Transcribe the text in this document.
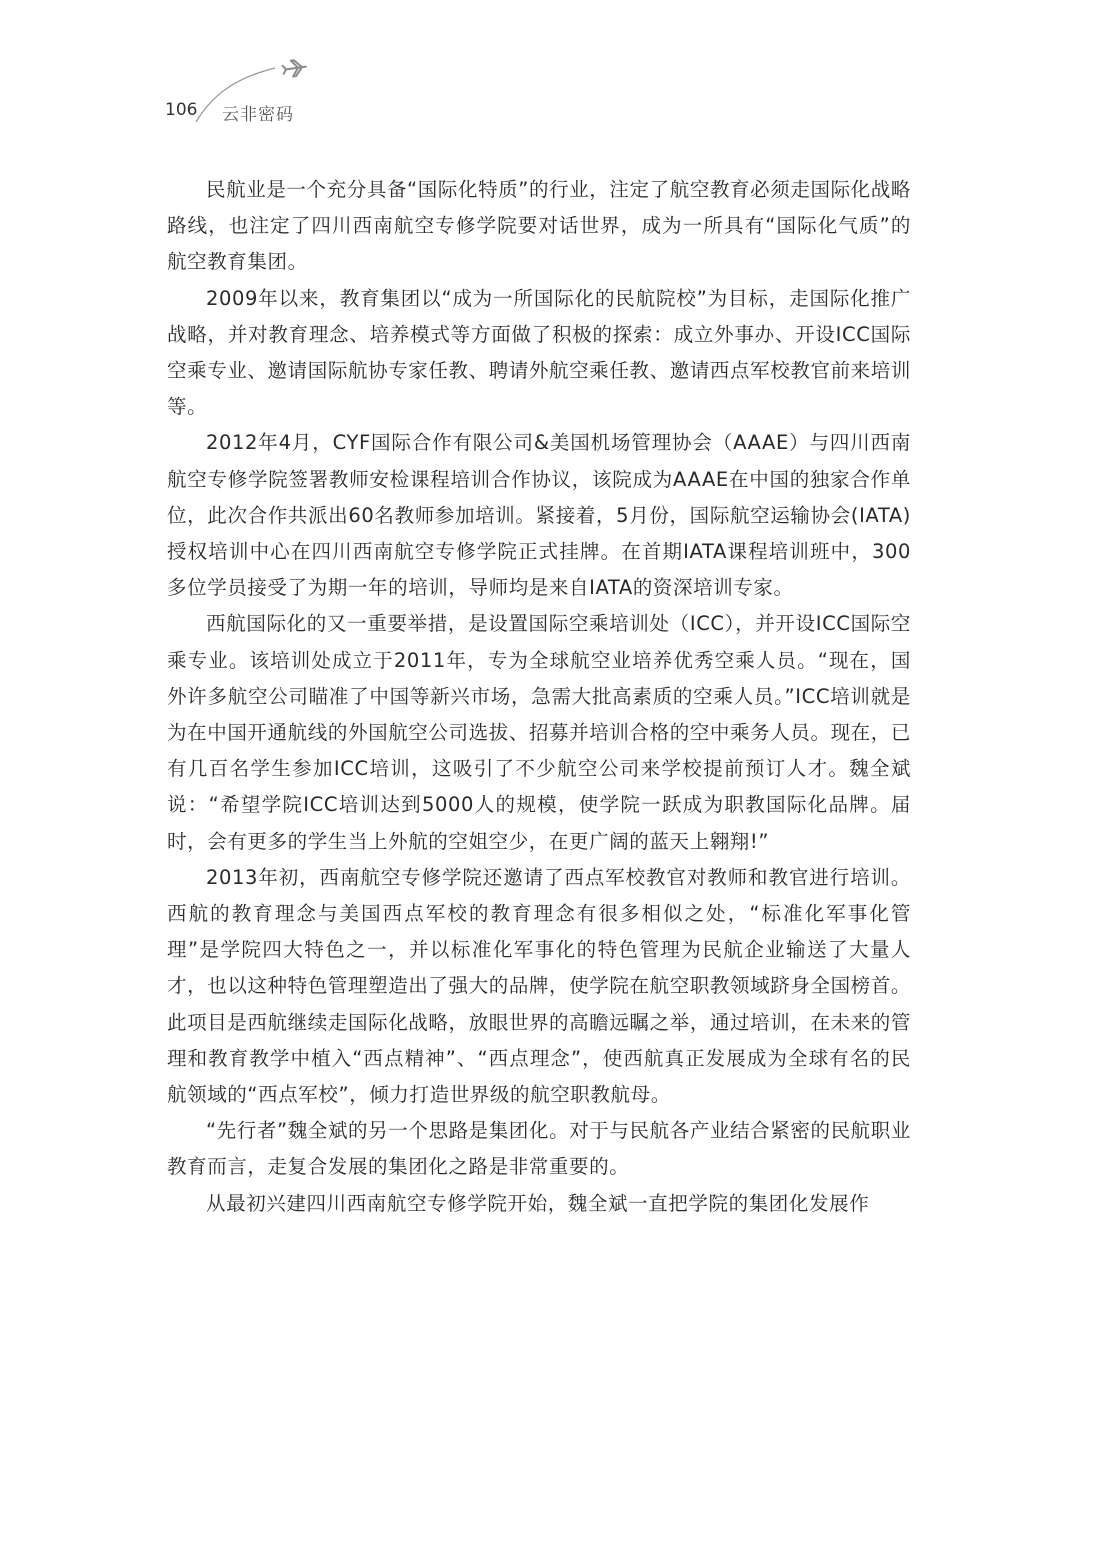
106 云非密码

民航业是一个充分具备“国际化特质”的行业，注定了航空教育必须走国际化战略路线，也注定了四川西南航空专修学院要对话世界，成为一所具有“国际化气质”的航空教育集团。

2009年以来，教育集团以“成为一所国际化的民航院校”为目标，走国际化推广战略，并对教育理念、培养模式等方面做了积极的探索：成立外事办、开设ICC国际空乘专业、邀请国际航协专家任教、聘请外航空乘任教、邀请西点军校教官前来培训等。

2012年4月，CYF国际合作有限公司&美国机场管理协会（AAAE）与四川西南航空专修学院签署教师安检课程培训合作协议，该院成为AAAE在中国的独家合作单位，此次合作共派出60名教师参加培训。紧接着，5月份，国际航空运输协会(IATA)授权培训中心在四川西南航空专修学院正式挂牌。在首期IATA课程培训班中，300多位学员接受了为期一年的培训，导师均是来自IATA的资深培训专家。

西航国际化的又一重要举措，是设置国际空乘培训处（ICC），并开设ICC国际空乘专业。该培训处成立于2011年，专为全球航空业培养优秀空乘人员。“现在，国外许多航空公司瞄准了中国等新兴市场，急需大批高素质的空乘人员。”ICC培训就是为在中国开通航线的外国航空公司选拔、招募并培训合格的空中乘务人员。现在，已有几百名学生参加ICC培训，这吸引了不少航空公司来学校提前预订人才。魏全斌说：“希望学院ICC培训达到5000人的规模，使学院一跃成为职教国际化品牌。届时，会有更多的学生当上外航的空姐空少，在更广阔的蓝天上翱翔!”

2013年初，西南航空专修学院还邀请了西点军校教官对教师和教官进行培训。西航的教育理念与美国西点军校的教育理念有很多相似之处，“标准化军事化管理”是学院四大特色之一，并以标准化军事化的特色管理为民航企业输送了大量人才，也以这种特色管理塑造出了强大的品牌，使学院在航空职教领域跻身全国榜首。此项目是西航继续走国际化战略，放眼世界的高瞻远瞩之举，通过培训，在未来的管理和教育教学中植入“西点精神”、“西点理念”，使西航真正发展成为全球有名的民航领域的“西点军校”，倾力打造世界级的航空职教航母。

“先行者”魏全斌的另一个思路是集团化。对于与民航各产业结合紧密的民航职业教育而言，走复合发展的集团化之路是非常重要的。

从最初兴建四川西南航空专修学院开始，魏全斌一直把学院的集团化发展作
